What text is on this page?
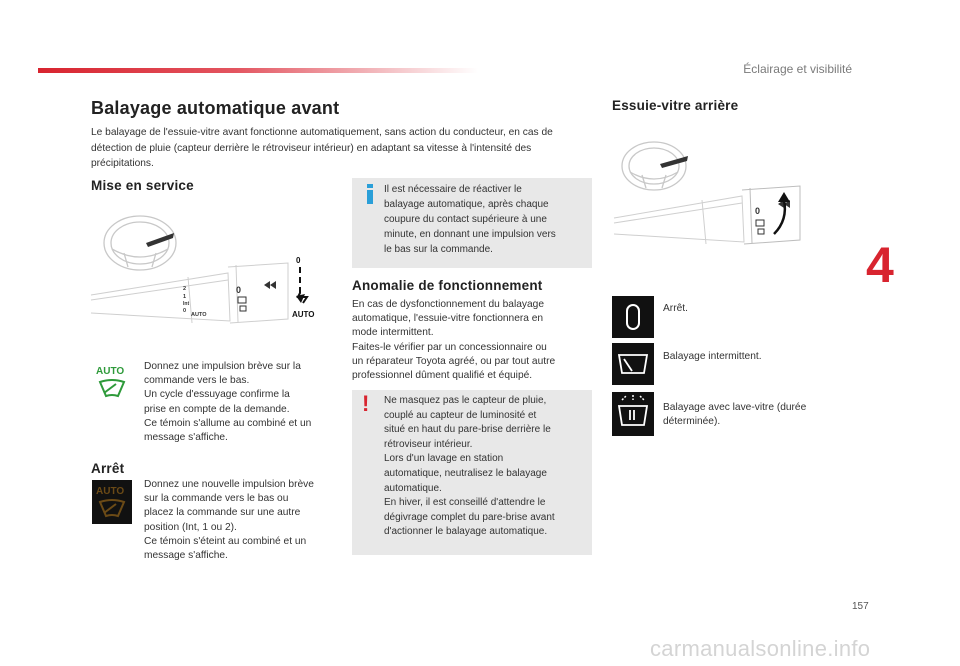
Éclairage et visibilité
4
Balayage automatique avant
Le balayage de l'essuie-vitre avant fonctionne automatiquement, sans action du conducteur, en cas de détection de pluie (capteur derrière le rétroviseur intérieur) en adaptant sa vitesse à l'intensité des précipitations.
Mise en service
2
1
Int
0
AUTO
0
0
AUTO
AUTO Donnez une impulsion brève sur la
commande vers le bas.
Un cycle d'essuyage confirme la
prise en compte de la demande.
Ce témoin s'allume au combiné et un
message s'affiche.
Arrêt
AUTO
Donnez une nouvelle impulsion brève
sur la commande vers le bas ou
placez la commande sur une autre
position (Int, 1 ou 2).
Ce témoin s'éteint au combiné et un
message s'affiche.
Il est nécessaire de réactiver le
balayage automatique, après chaque
coupure du contact supérieure à une
minute, en donnant une impulsion vers
le bas sur la commande.
Anomalie de fonctionnement
En cas de dysfonctionnement du balayage
automatique, l'essuie-vitre fonctionnera en
mode intermittent.
Faites-le vérifier par un concessionnaire ou
un réparateur Toyota agréé, ou par tout autre
professionnel dûment qualifié et équipé.
! Ne masquez pas le capteur de pluie,
couplé au capteur de luminosité et
situé en haut du pare-brise derrière le
rétroviseur intérieur.
Lors d'un lavage en station
automatique, neutralisez le balayage
automatique.
En hiver, il est conseillé d'attendre le
dégivrage complet du pare-brise avant
d'actionner le balayage automatique.
Essuie-vitre arrière
0
Arrêt.
Balayage intermittent.
Balayage avec lave-vitre (durée
déterminée).
157
carmanualsonline.info
